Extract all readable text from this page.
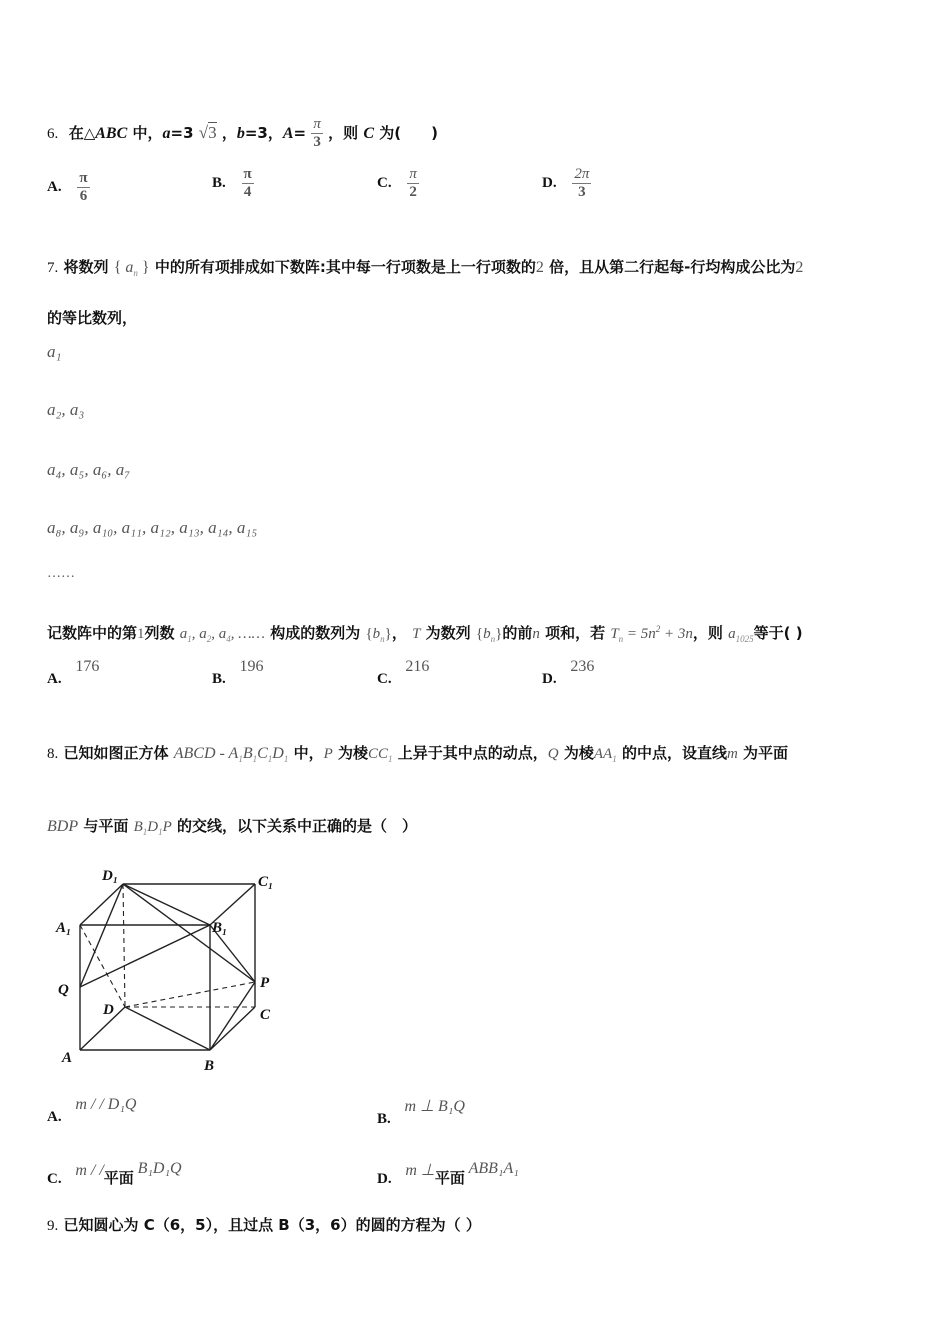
6.  在△ABC 中，a=3 √3 ，b=3，$A= \frac{\pi}{3}$ ，则 C 为(　　)
A. $\frac{\pi}{6}$	B. $\frac{\pi}{4}$	C. $\frac{\pi}{2}$	D. $\frac{2\pi}{3}$
7. 将数列 { $a_n$ } 中的所有项排成如下数阵:其中每一行项数是上一行项数的2 倍，且从第二行起每-行均构成公比为2
的等比数列，
a₁
a₂, a₃
a₄, a₅, a₆, a₇
a₈, a₉, a₁₀, a₁₁, a₁₂, a₁₃, a₁₄, a₁₅
……
记数阵中的第1列数 $a_1$, $a_2$, $a_4$, …… 构成的数列为 $\{b_n\}$， T 为数列 $\{b_n\}$的前n 项和，若 $T_n = 5n^2 + 3n$，则 $a_{1025}$等于( )
A. 176
B. 196
C. 216
D. 236
8. 已知如图正方体 ABCD - $A_1B_1C_1D_1$ 中，P 为棱$CC_1$ 上异于其中点的动点，Q 为棱$AA_1$ 的中点，设直线m 为平面
BDP 与平面 $B_1D_1P$ 的交线，以下关系中正确的是（　）
D₁	C₁
A₁	B₁
Q	P
D	C
A	B
A. m / / D₁Q
B. m ⊥ B₁Q
C. m / /平面 B₁D₁Q
D. m ⊥平面 ABB₁A₁
9. 已知圆心为 C（6，5），且过点 B（3，6）的圆的方程为（ ）
